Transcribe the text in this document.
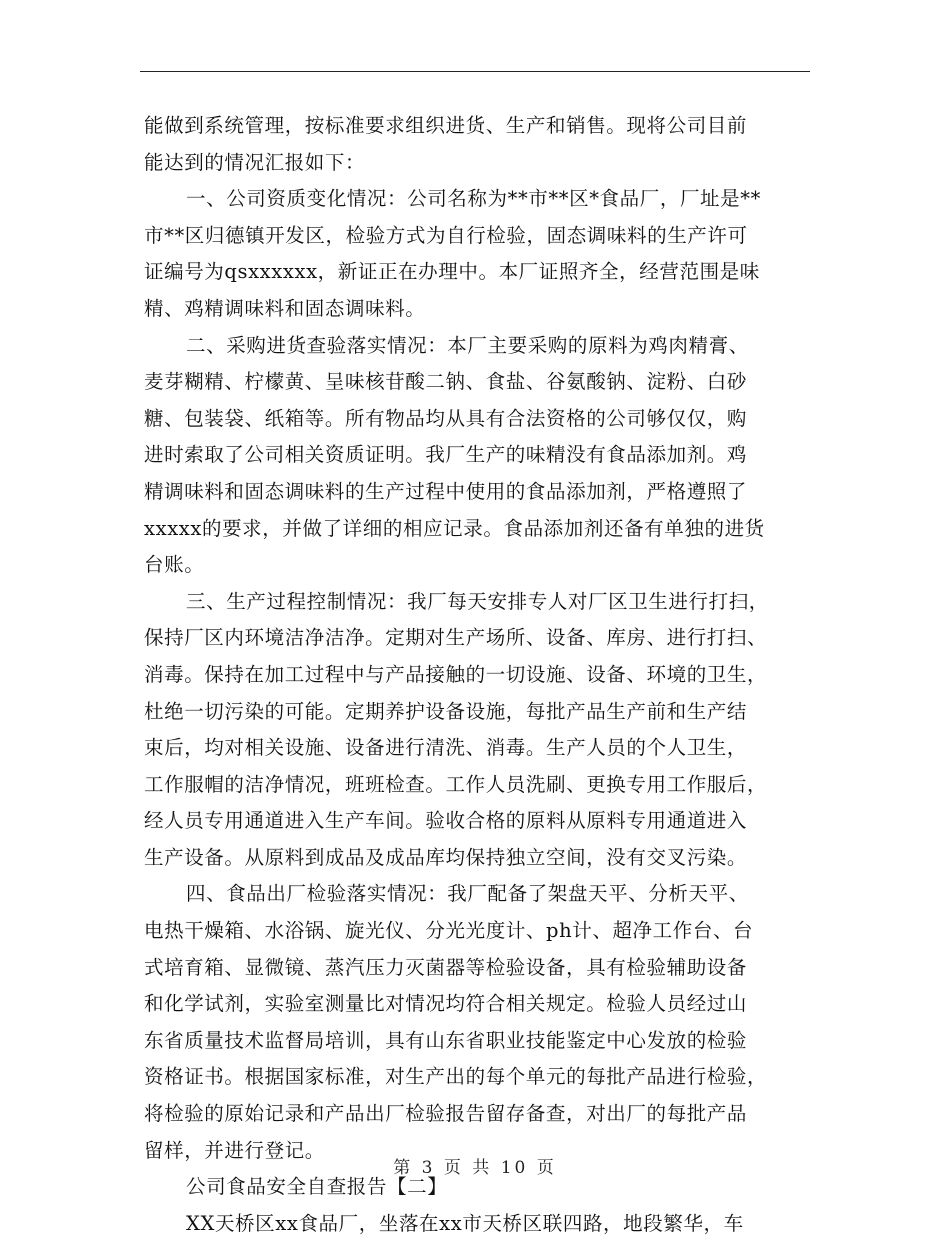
能做到系统管理，按标准要求组织进货、生产和销售。现将公司目前
能达到的情况汇报如下：
一、公司资质变化情况：公司名称为**市**区*食品厂，厂址是**
市**区归德镇开发区，检验方式为自行检验，固态调味料的生产许可
证编号为qsxxxxxx，新证正在办理中。本厂证照齐全，经营范围是味
精、鸡精调味料和固态调味料。
二、采购进货查验落实情况：本厂主要采购的原料为鸡肉精膏、
麦芽糊精、柠檬黄、呈味核苷酸二钠、食盐、谷氨酸钠、淀粉、白砂
糖、包装袋、纸箱等。所有物品均从具有合法资格的公司够仅仅，购
进时索取了公司相关资质证明。我厂生产的味精没有食品添加剂。鸡
精调味料和固态调味料的生产过程中使用的食品添加剂，严格遵照了
xxxxx的要求，并做了详细的相应记录。食品添加剂还备有单独的进货
台账。
三、生产过程控制情况：我厂每天安排专人对厂区卫生进行打扫，
保持厂区内环境洁净洁净。定期对生产场所、设备、库房、进行打扫、
消毒。保持在加工过程中与产品接触的一切设施、设备、环境的卫生，
杜绝一切污染的可能。定期养护设备设施，每批产品生产前和生产结
束后，均对相关设施、设备进行清洗、消毒。生产人员的个人卫生，
工作服帽的洁净情况，班班检查。工作人员洗刷、更换专用工作服后，
经人员专用通道进入生产车间。验收合格的原料从原料专用通道进入
生产设备。从原料到成品及成品库均保持独立空间，没有交叉污染。
四、食品出厂检验落实情况：我厂配备了架盘天平、分析天平、
电热干燥箱、水浴锅、旋光仪、分光光度计、ph计、超净工作台、台
式培育箱、显微镜、蒸汽压力灭菌器等检验设备，具有检验辅助设备
和化学试剂，实验室测量比对情况均符合相关规定。检验人员经过山
东省质量技术监督局培训，具有山东省职业技能鉴定中心发放的检验
资格证书。根据国家标准，对生产出的每个单元的每批产品进行检验，
将检验的原始记录和产品出厂检验报告留存备查，对出厂的每批产品
留样，并进行登记。
公司食品安全自查报告【二】
XX天桥区xx食品厂，坐落在xx市天桥区联四路，地段繁华，车
第 3 页 共 10 页
